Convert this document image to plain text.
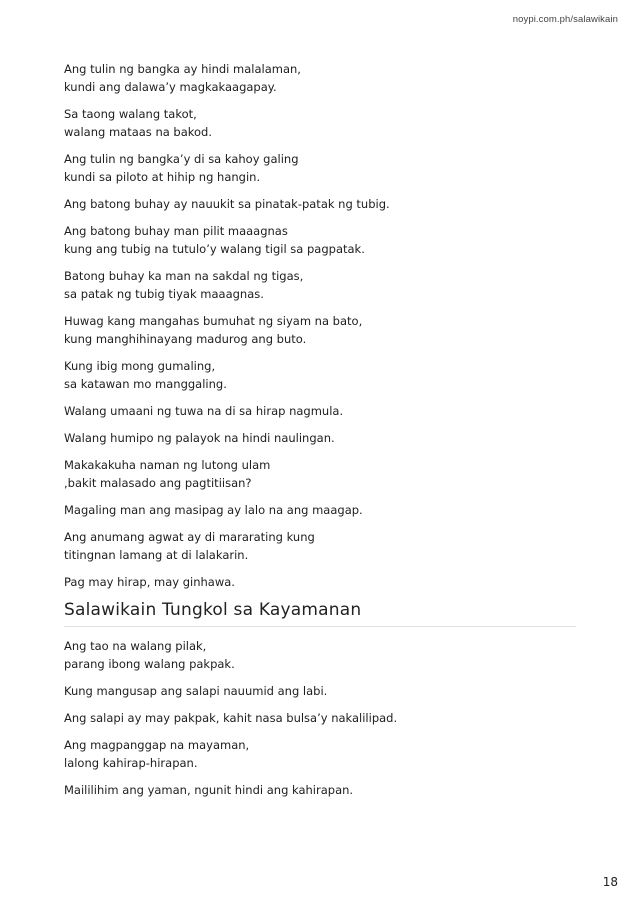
noypi.com.ph/salawikain
Ang tulin ng bangka ay hindi malalaman,
kundi ang dalawa’y magkakaagapay.
Sa taong walang takot,
walang mataas na bakod.
Ang tulin ng bangka’y di sa kahoy galing
kundi sa piloto at hihip ng hangin.
Ang batong buhay ay nauukit sa pinatak-patak ng tubig.
Ang batong buhay man pilit maaagnas
kung ang tubig na tutulo’y walang tigil sa pagpatak.
Batong buhay ka man na sakdal ng tigas,
sa patak ng tubig tiyak maaagnas.
Huwag kang mangahas bumuhat ng siyam na bato,
kung manghihinayang madurog ang buto.
Kung ibig mong gumaling,
sa katawan mo manggaling.
Walang umaani ng tuwa na di sa hirap nagmula.
Walang humipo ng palayok na hindi naulingan.
Makakakuha naman ng lutong ulam
,bakit malasado ang pagtitiisan?
Magaling man ang masipag ay lalo na ang maagap.
Ang anumang agwat ay di mararating kung
titingnan lamang at di lalakarin.
Pag may hirap, may ginhawa.
Salawikain Tungkol sa Kayamanan
Ang tao na walang pilak,
parang ibong walang pakpak.
Kung mangusap ang salapi nauumid ang labi.
Ang salapi ay may pakpak, kahit nasa bulsa’y nakalilipad.
Ang magpanggap na mayaman,
lalong kahirap-hirapan.
Maililihim ang yaman, ngunit hindi ang kahirapan.
18
